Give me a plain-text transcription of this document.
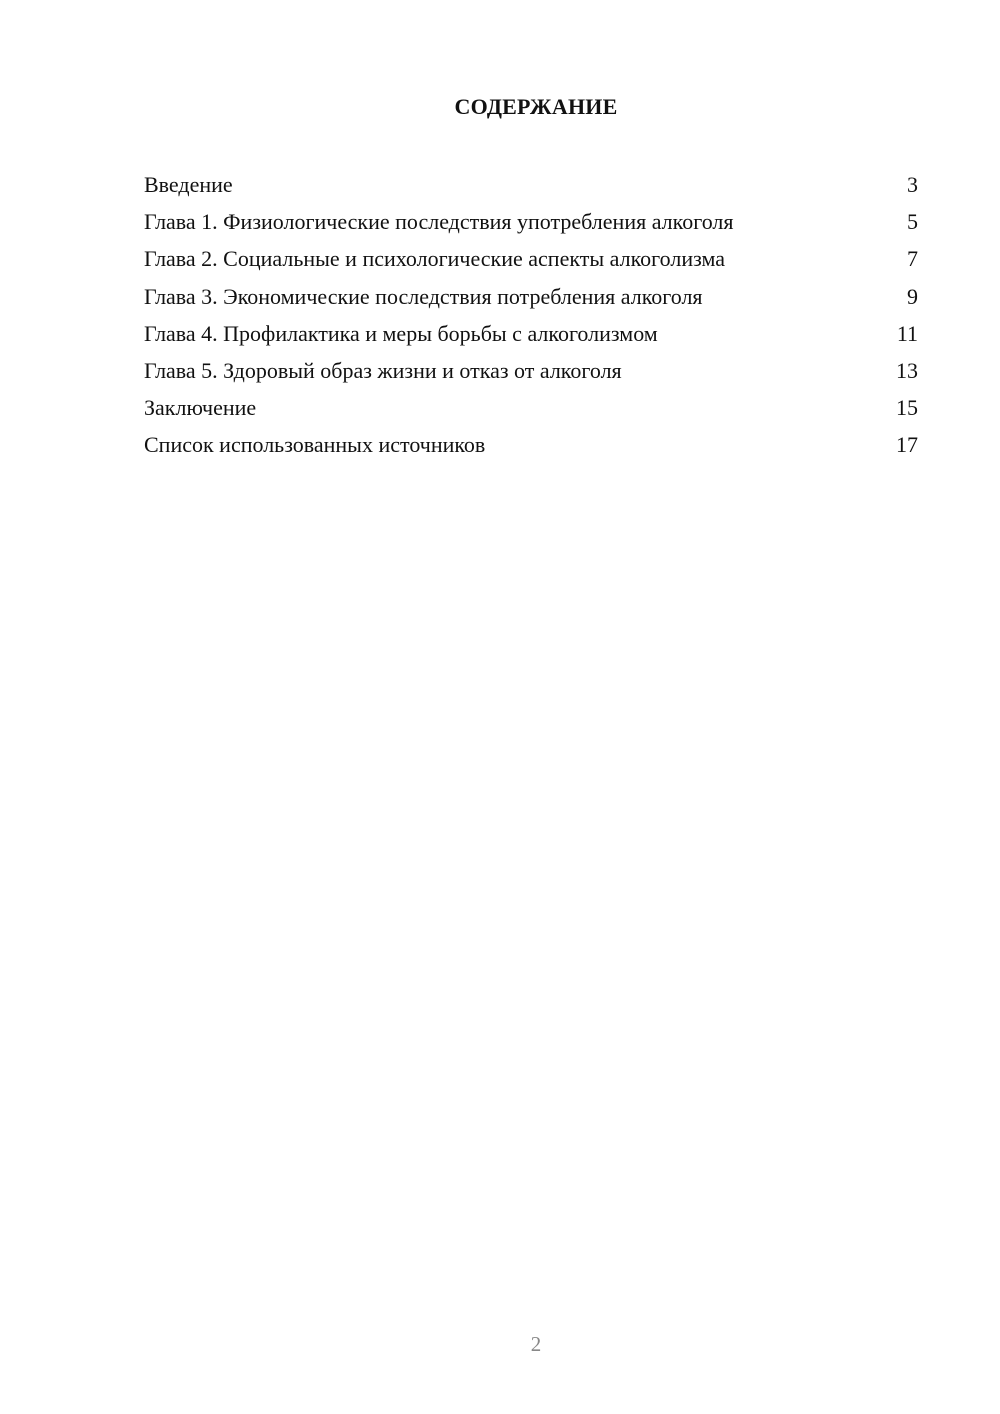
СОДЕРЖАНИЕ
Введение	3
Глава 1. Физиологические последствия употребления алкоголя	5
Глава 2. Социальные и психологические аспекты алкоголизма	7
Глава 3. Экономические последствия потребления алкоголя	9
Глава 4. Профилактика и меры борьбы с алкоголизмом	11
Глава 5. Здоровый образ жизни и отказ от алкоголя	13
Заключение	15
Список использованных источников	17
2
